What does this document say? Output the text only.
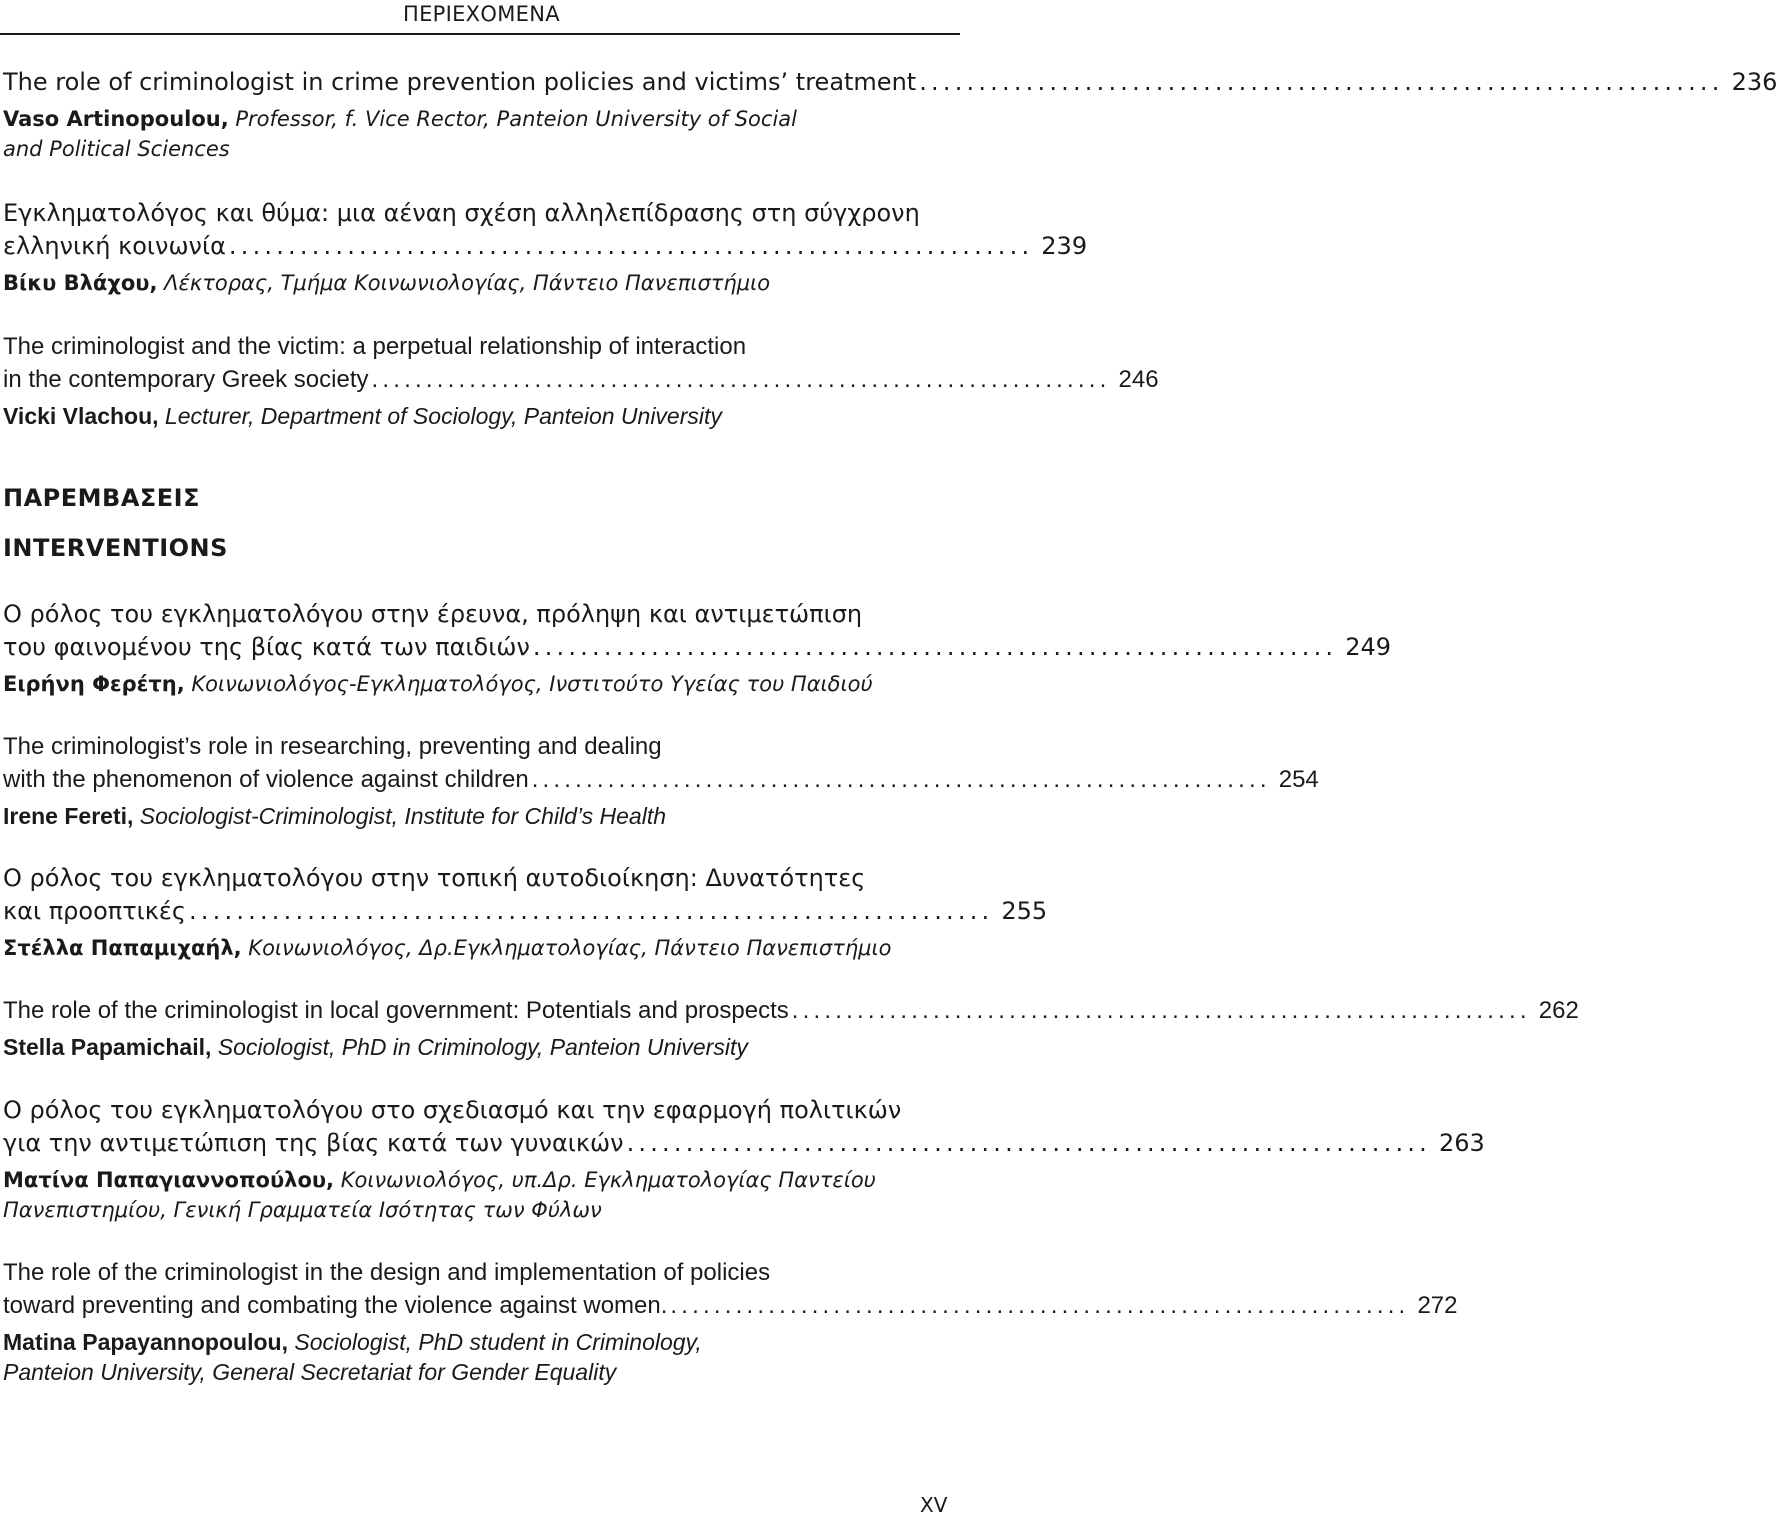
ΠΕΡΙΕΧΟΜΕΝΑ
ΠΑΡΕΜΒΑΣΕΙΣ
INTERVENTIONS
XV
The role of criminologist in crime prevention policies and victims’ treatment .................................................................... 236
Vaso Artinopoulou, Professor, f. Vice Rector, Panteion University of Social
and Political Sciences
Εγκληματολόγος και θύμα: μια αέναη σχέση αλληλεπίδρασης στη σύγχρονη
ελληνική κοινωνία .................................................................... 239
Βίκυ Βλάχου, Λέκτορας, Τμήμα Κοινωνιολογίας, Πάντειο Πανεπιστήμιο
The criminologist and the victim: a perpetual relationship of interaction
in the contemporary Greek society .................................................................... 246
Vicki Vlachou, Lecturer, Department of Sociology, Panteion University
Ο ρόλος του εγκληματολόγου στην έρευνα, πρόληψη και αντιμετώπιση
του φαινομένου της βίας κατά των παιδιών .................................................................... 249
Ειρήνη Φερέτη, Κοινωνιολόγος-Εγκληματολόγος, Ινστιτούτο Υγείας του Παιδιού
The criminologist’s role in researching, preventing and dealing
with the phenomenon of violence against children .................................................................... 254
Irene Fereti, Sociologist-Criminologist, Institute for Child’s Health
Ο ρόλος του εγκληματολόγου στην τοπική αυτοδιοίκηση: Δυνατότητες
και προοπτικές .................................................................... 255
Στέλλα Παπαμιχαήλ, Κοινωνιολόγος, Δρ.Εγκληματολογίας, Πάντειο Πανεπιστήμιο
The role of the criminologist in local government: Potentials and prospects .................................................................... 262
Stella Papamichail, Sociologist, PhD in Criminology, Panteion University
Ο ρόλος του εγκληματολόγου στο σχεδιασμό και την εφαρμογή πολιτικών
για την αντιμετώπιση της βίας κατά των γυναικών .................................................................... 263
Ματίνα Παπαγιαννοπούλου, Κοινωνιολόγος, υπ.Δρ. Εγκληματολογίας Παντείου
Πανεπιστημίου, Γενική Γραμματεία Ισότητας των Φύλων
The role of the criminologist in the design and implementation of policies
toward preventing and combating the violence against women. .................................................................... 272
Matina Papayannopoulou, Sociologist, PhD student in Criminology,
Panteion University, General Secretariat for Gender Equality
